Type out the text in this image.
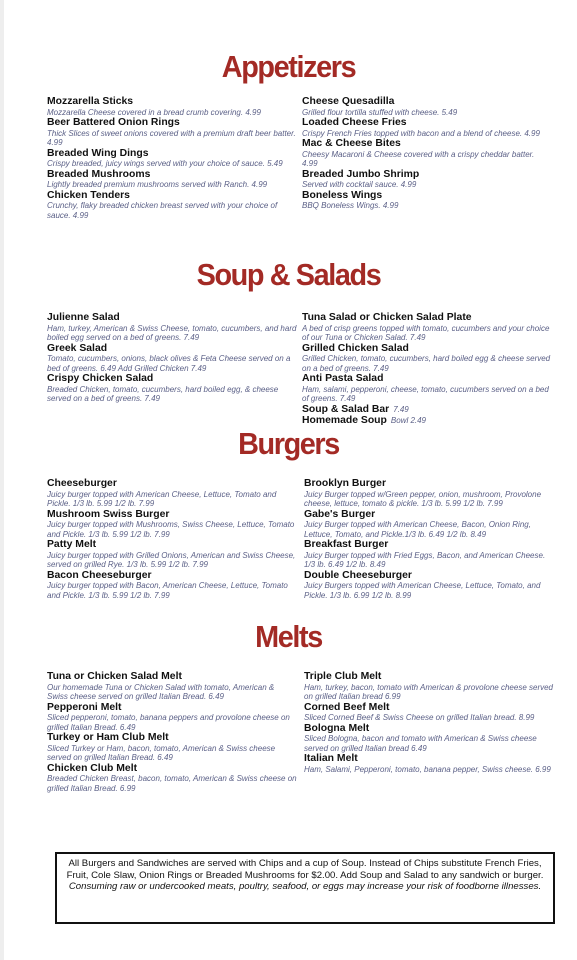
Appetizers
Mozzarella Sticks
Mozzarella Cheese covered in a bread crumb covering. 4.99
Beer Battered Onion Rings
Thick Slices of sweet onions covered with a premium draft beer batter. 4.99
Breaded Wing Dings
Crispy breaded, juicy wings served with your choice of sauce. 5.49
Breaded Mushrooms
Lightly breaded premium mushrooms served with Ranch. 4.99
Chicken Tenders
Crunchy, flaky breaded chicken breast served with your choice of sauce. 4.99
Cheese Quesadilla
Grilled flour tortilla stuffed with cheese. 5.49
Loaded Cheese Fries
Crispy French Fries topped with bacon and a blend of cheese. 4.99
Mac & Cheese Bites
Cheesy Macaroni & Cheese covered with a crispy cheddar batter. 4.99
Breaded Jumbo Shrimp
Served with cocktail sauce. 4.99
Boneless Wings
BBQ Boneless Wings. 4.99
Soup & Salads
Julienne Salad
Ham, turkey, American & Swiss Cheese, tomato, cucumbers, and hard boiled egg served on a bed of greens. 7.49
Greek Salad
Tomato, cucumbers, onions, black olives & Feta Cheese served on a bed of greens. 6.49 Add Grilled Chicken 7.49
Crispy Chicken Salad
Breaded Chicken, tomato, cucumbers, hard boiled egg, & cheese served on a bed of greens. 7.49
Tuna Salad or Chicken Salad Plate
A bed of crisp greens topped with tomato, cucumbers and your choice of our Tuna or Chicken Salad. 7.49
Grilled Chicken Salad
Grilled Chicken, tomato, cucumbers, hard boiled egg & cheese served on a bed of greens. 7.49
Anti Pasta Salad
Ham, salami, pepperoni, cheese, tomato, cucumbers served on a bed of greens. 7.49
Soup & Salad Bar 7.49
Homemade Soup Bowl 2.49
Burgers
Cheeseburger
Juicy burger topped with American Cheese, Lettuce, Tomato and Pickle. 1/3 lb. 5.99 1/2 lb. 7.99
Mushroom Swiss Burger
Juicy burger topped with Mushrooms, Swiss Cheese, Lettuce, Tomato and Pickle. 1/3 lb. 5.99 1/2 lb. 7.99
Patty Melt
Juicy burger topped with Grilled Onions, American and Swiss Cheese, served on grilled Rye. 1/3 lb. 5.99 1/2 lb. 7.99
Bacon Cheeseburger
Juicy burger topped with Bacon, American Cheese, Lettuce, Tomato and Pickle. 1/3 lb. 5.99 1/2 lb. 7.99
Brooklyn Burger
Juicy Burger topped w/Green pepper, onion, mushroom, Provolone cheese, lettuce, tomato & pickle. 1/3 lb. 5.99 1/2 lb. 7.99
Gabe's Burger
Juicy Burger topped with American Cheese, Bacon, Onion Ring, Lettuce, Tomato, and Pickle.1/3 lb. 6.49 1/2 lb. 8.49
Breakfast Burger
Juicy Burger topped with Fried Eggs, Bacon, and American Cheese. 1/3 lb. 6.49 1/2 lb. 8.49
Double Cheeseburger
Juicy Burgers topped with American Cheese, Lettuce, Tomato, and Pickle. 1/3 lb. 6.99 1/2 lb. 8.99
Melts
Tuna or Chicken Salad Melt
Our homemade Tuna or Chicken Salad with tomato, American & Swiss cheese served on grilled Italian Bread. 6.49
Pepperoni Melt
Sliced pepperoni, tomato, banana peppers and provolone cheese on grilled Italian Bread. 6.49
Turkey or Ham Club Melt
Sliced Turkey or Ham, bacon, tomato, American & Swiss cheese served on grilled Italian Bread. 6.49
Chicken Club Melt
Breaded Chicken Breast, bacon, tomato, American & Swiss cheese on grilled Italian Bread. 6.99
Triple Club Melt
Ham, turkey, bacon, tomato with American & provolone cheese served on grilled Italian bread 6.99
Corned Beef Melt
Sliced Corned Beef & Swiss Cheese on grilled Italian bread. 8.99
Bologna Melt
Sliced Bologna, bacon and tomato with American & Swiss cheese served on grilled Italian bread 6.49
Italian Melt
Ham, Salami, Pepperoni, tomato, banana pepper, Swiss cheese. 6.99
All Burgers and Sandwiches are served with Chips and a cup of Soup. Instead of Chips substitute French Fries, Fruit, Cole Slaw, Onion Rings or Breaded Mushrooms for $2.00. Add Soup and Salad to any sandwich or burger.
Consuming raw or undercooked meats, poultry, seafood, or eggs may increase your risk of foodborne illnesses.
